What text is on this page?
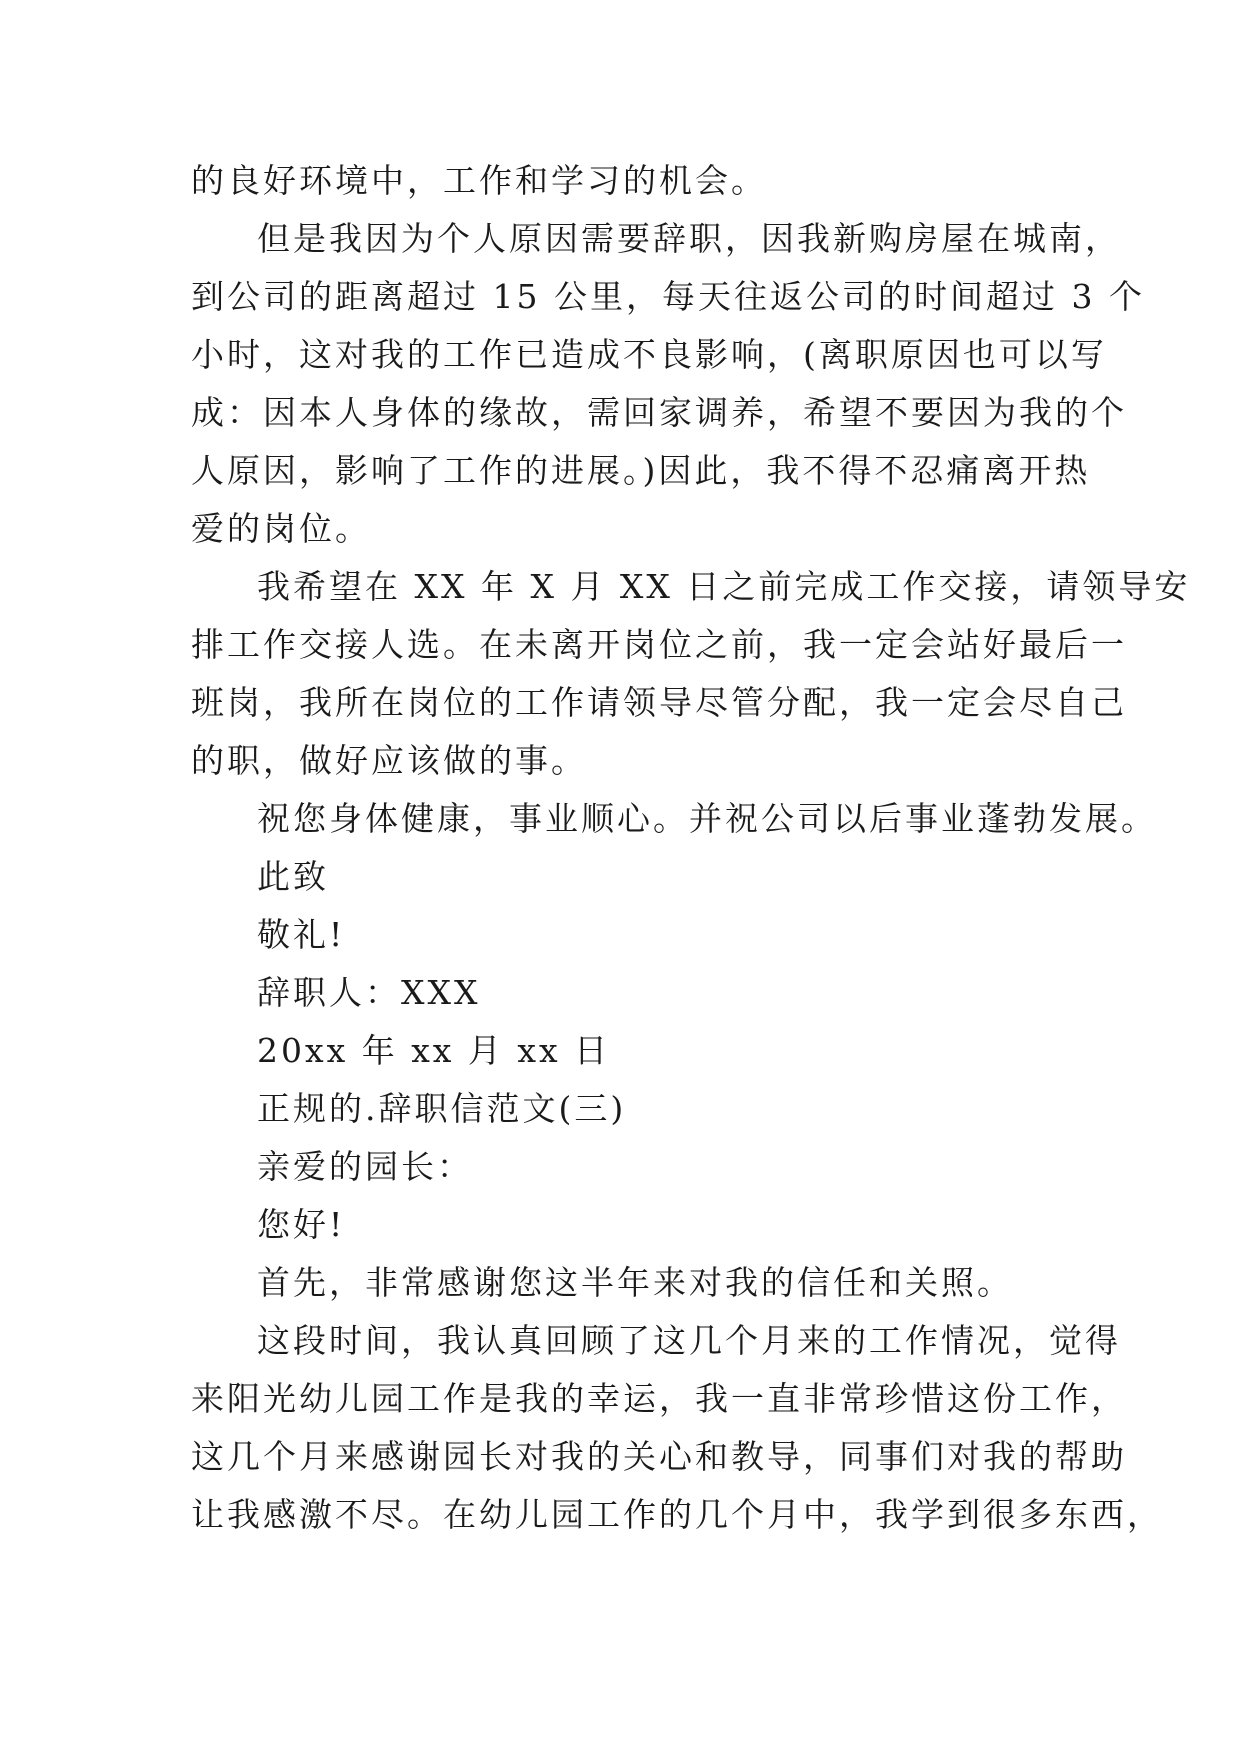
的良好环境中，工作和学习的机会。
但是我因为个人原因需要辞职，因我新购房屋在城南，
到公司的距离超过 15 公里，每天往返公司的时间超过 3 个
小时，这对我的工作已造成不良影响，(离职原因也可以写
成：因本人身体的缘故，需回家调养，希望不要因为我的个
人原因，影响了工作的进展。)因此，我不得不忍痛离开热
爱的岗位。
我希望在 XX 年 X 月 XX 日之前完成工作交接，请领导安
排工作交接人选。在未离开岗位之前，我一定会站好最后一
班岗，我所在岗位的工作请领导尽管分配，我一定会尽自己
的职，做好应该做的事。
祝您身体健康，事业顺心。并祝公司以后事业蓬勃发展。
此致
敬礼!
辞职人：XXX
20xx 年 xx 月 xx 日
正规的.辞职信范文(三)
亲爱的园长：
您好!
首先，非常感谢您这半年来对我的信任和关照。
这段时间，我认真回顾了这几个月来的工作情况，觉得
来阳光幼儿园工作是我的幸运，我一直非常珍惜这份工作，
这几个月来感谢园长对我的关心和教导，同事们对我的帮助
让我感激不尽。在幼儿园工作的几个月中，我学到很多东西，
